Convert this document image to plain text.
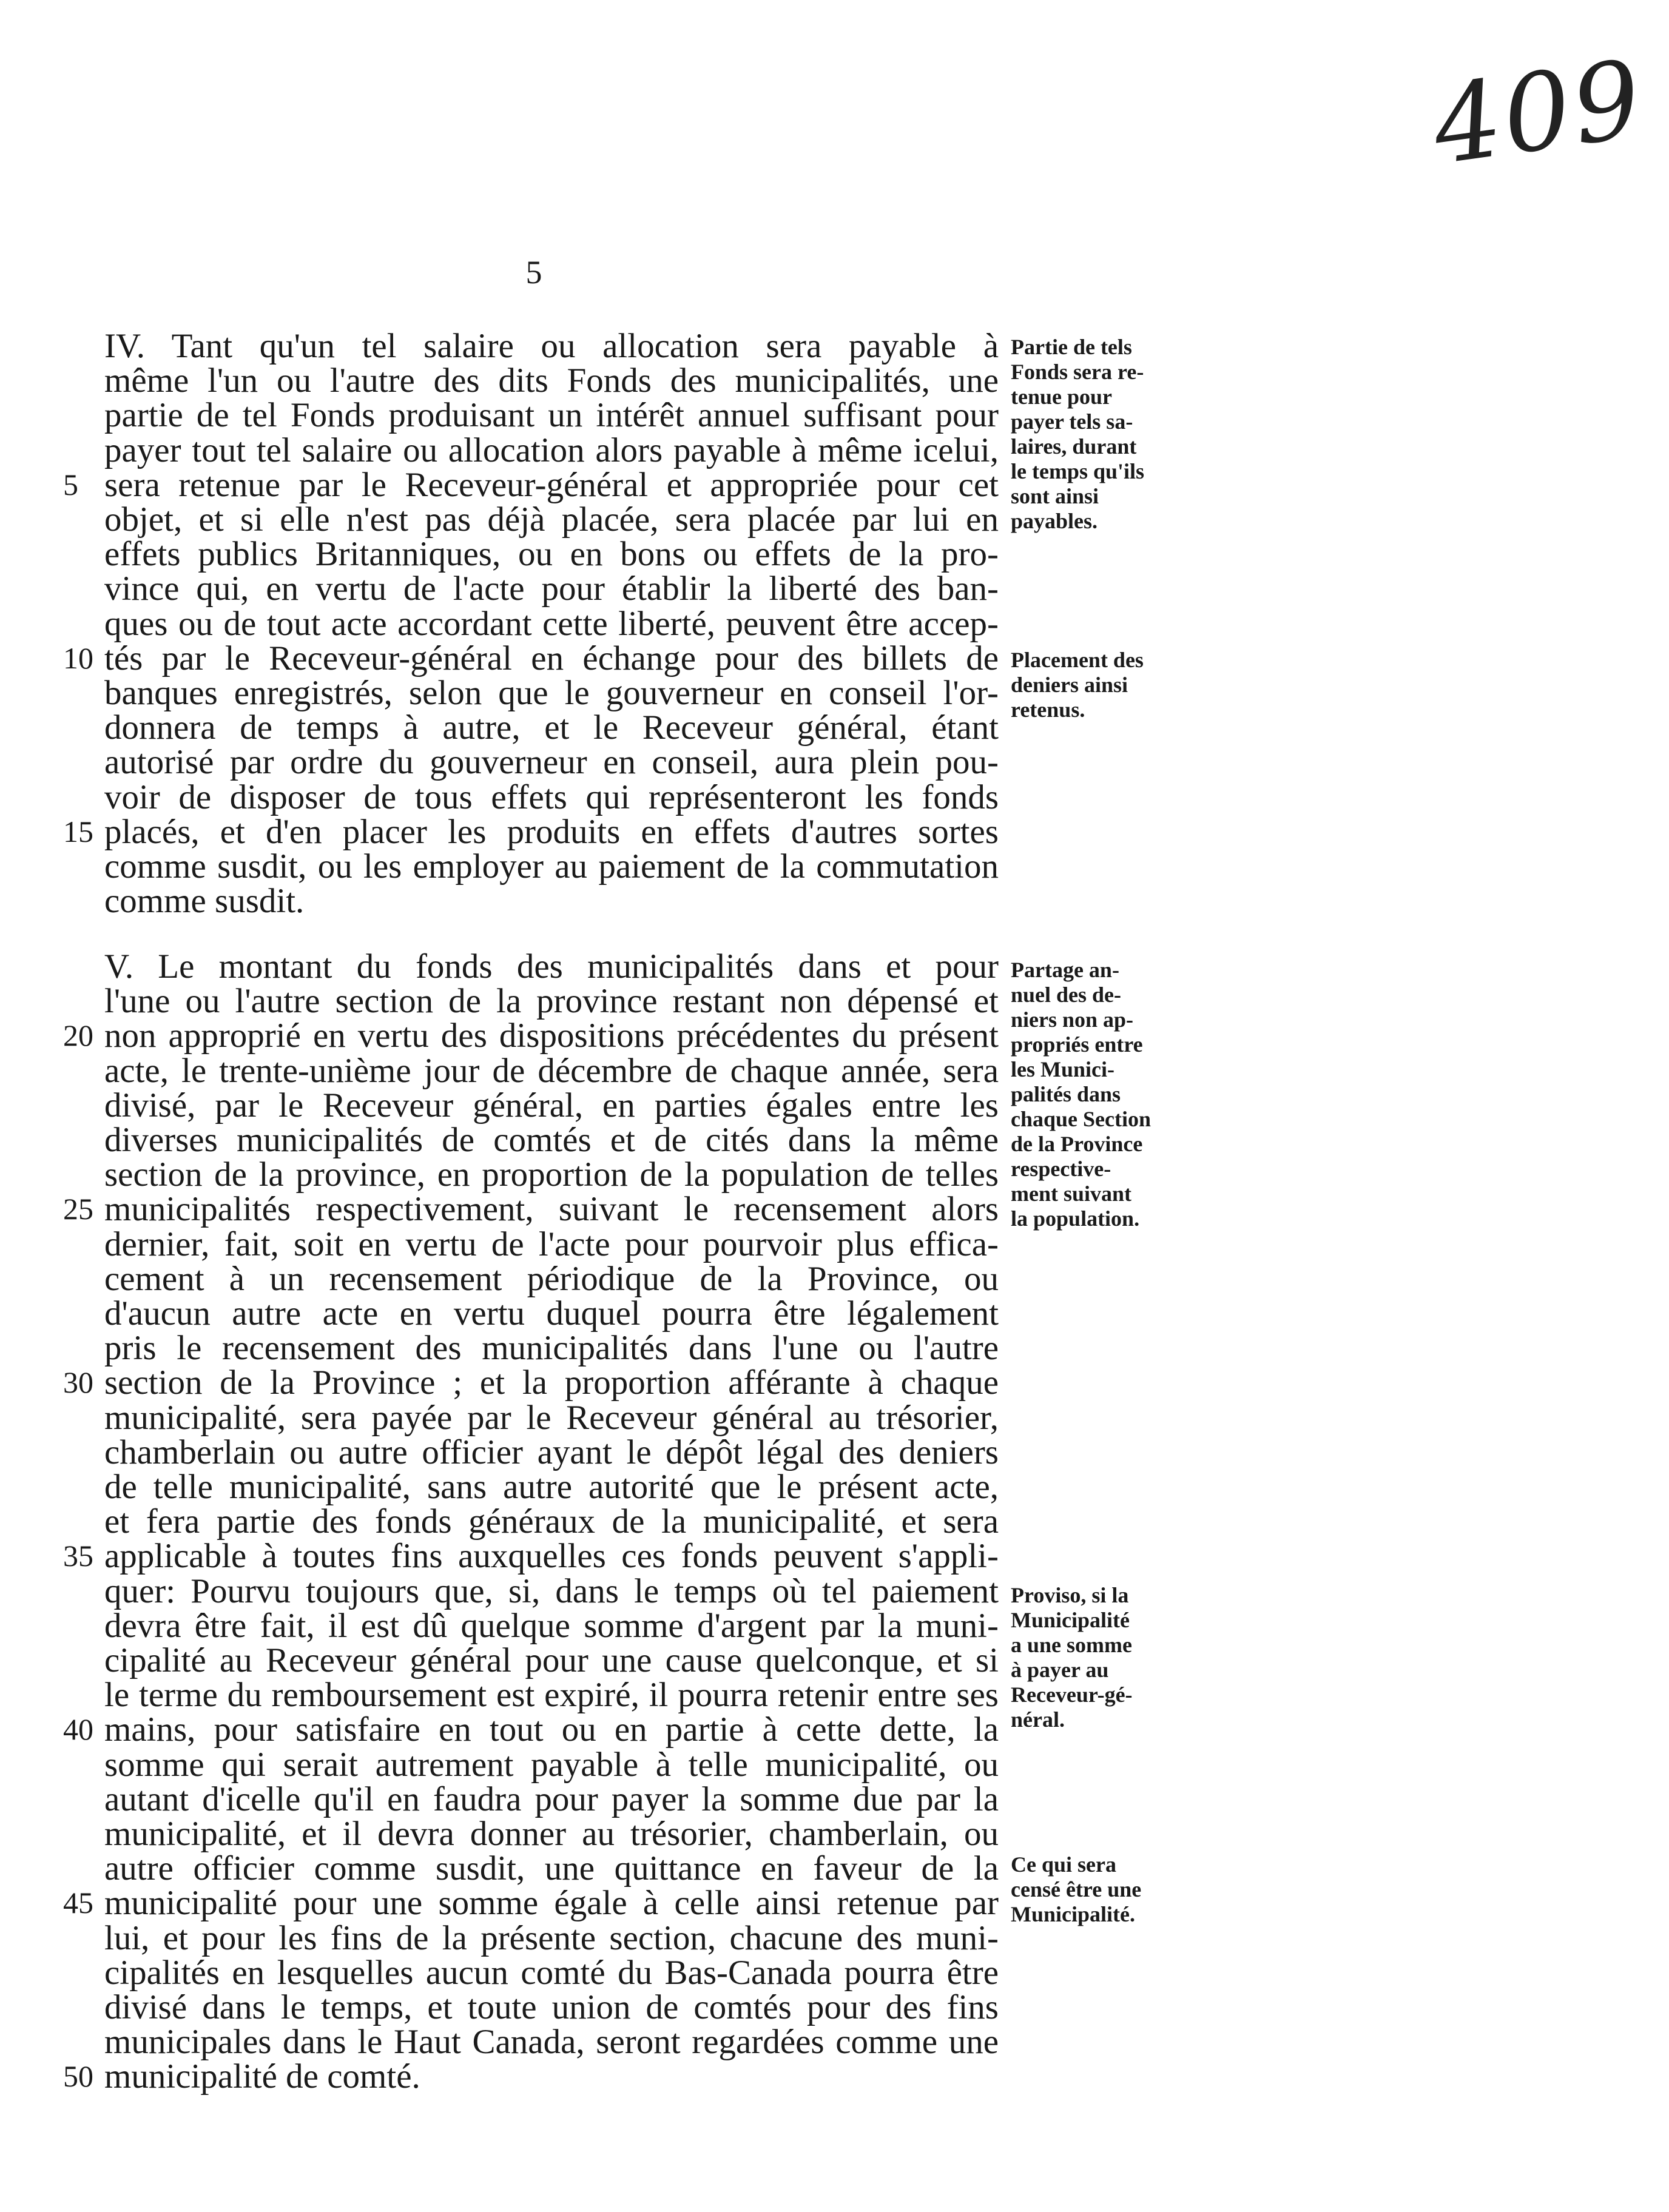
409
5
IV. Tant qu'un tel salaire ou allocation sera payable à
même l'un ou l'autre des dits Fonds des municipalités, une
partie de tel Fonds produisant un intérêt annuel suffisant pour
payer tout tel salaire ou allocation alors payable à même icelui,
sera retenue par le Receveur-général et appropriée pour cet
5
objet, et si elle n'est pas déjà placée, sera placée par lui en
effets publics Britanniques, ou en bons ou effets de la pro-
vince qui, en vertu de l'acte pour établir la liberté des ban-
ques ou de tout acte accordant cette liberté, peuvent être accep-
tés par le Receveur-général en échange pour des billets de
10
banques enregistrés, selon que le gouverneur en conseil l'or-
donnera de temps à autre, et le Receveur général, étant
autorisé par ordre du gouverneur en conseil, aura plein pou-
voir de disposer de tous effets qui représenteront les fonds
placés, et d'en placer les produits en effets d'autres sortes
15
comme susdit, ou les employer au paiement de la commutation
comme susdit.
V. Le montant du fonds des municipalités dans et pour
l'une ou l'autre section de la province restant non dépensé et
non approprié en vertu des dispositions précédentes du présent
20
acte, le trente-unième jour de décembre de chaque année, sera
divisé, par le Receveur général, en parties égales entre les
diverses municipalités de comtés et de cités dans la même
section de la province, en proportion de la population de telles
municipalités respectivement, suivant le recensement alors
25
dernier, fait, soit en vertu de l'acte pour pourvoir plus effica-
cement à un recensement périodique de la Province, ou
d'aucun autre acte en vertu duquel pourra être légalement
pris le recensement des municipalités dans l'une ou l'autre
section de la Province ; et la proportion afférante à chaque
30
municipalité, sera payée par le Receveur général au trésorier,
chamberlain ou autre officier ayant le dépôt légal des deniers
de telle municipalité, sans autre autorité que le présent acte,
et fera partie des fonds généraux de la municipalité, et sera
applicable à toutes fins auxquelles ces fonds peuvent s'appli-
35
quer: Pourvu toujours que, si, dans le temps où tel paiement
devra être fait, il est dû quelque somme d'argent par la muni-
cipalité au Receveur général pour une cause quelconque, et si
le terme du remboursement est expiré, il pourra retenir entre ses
mains, pour satisfaire en tout ou en partie à cette dette, la
40
somme qui serait autrement payable à telle municipalité, ou
autant d'icelle qu'il en faudra pour payer la somme due par la
municipalité, et il devra donner au trésorier, chamberlain, ou
autre officier comme susdit, une quittance en faveur de la
municipalité pour une somme égale à celle ainsi retenue par
45
lui, et pour les fins de la présente section, chacune des muni-
cipalités en lesquelles aucun comté du Bas-Canada pourra être
divisé dans le temps, et toute union de comtés pour des fins
municipales dans le Haut Canada, seront regardées comme une
municipalité de comté.
50
Partie de tels
Fonds sera re-
tenue pour
payer tels sa-
laires, durant
le temps qu'ils
sont ainsi
payables.
Placement des
deniers ainsi
retenus.
Partage an-
nuel des de-
niers non ap-
propriés entre
les Munici-
palités dans
chaque Section
de la Province
respective-
ment suivant
la population.
Proviso, si la
Municipalité
a une somme
à payer au
Receveur-gé-
néral.
Ce qui sera
censé être une
Municipalité.
